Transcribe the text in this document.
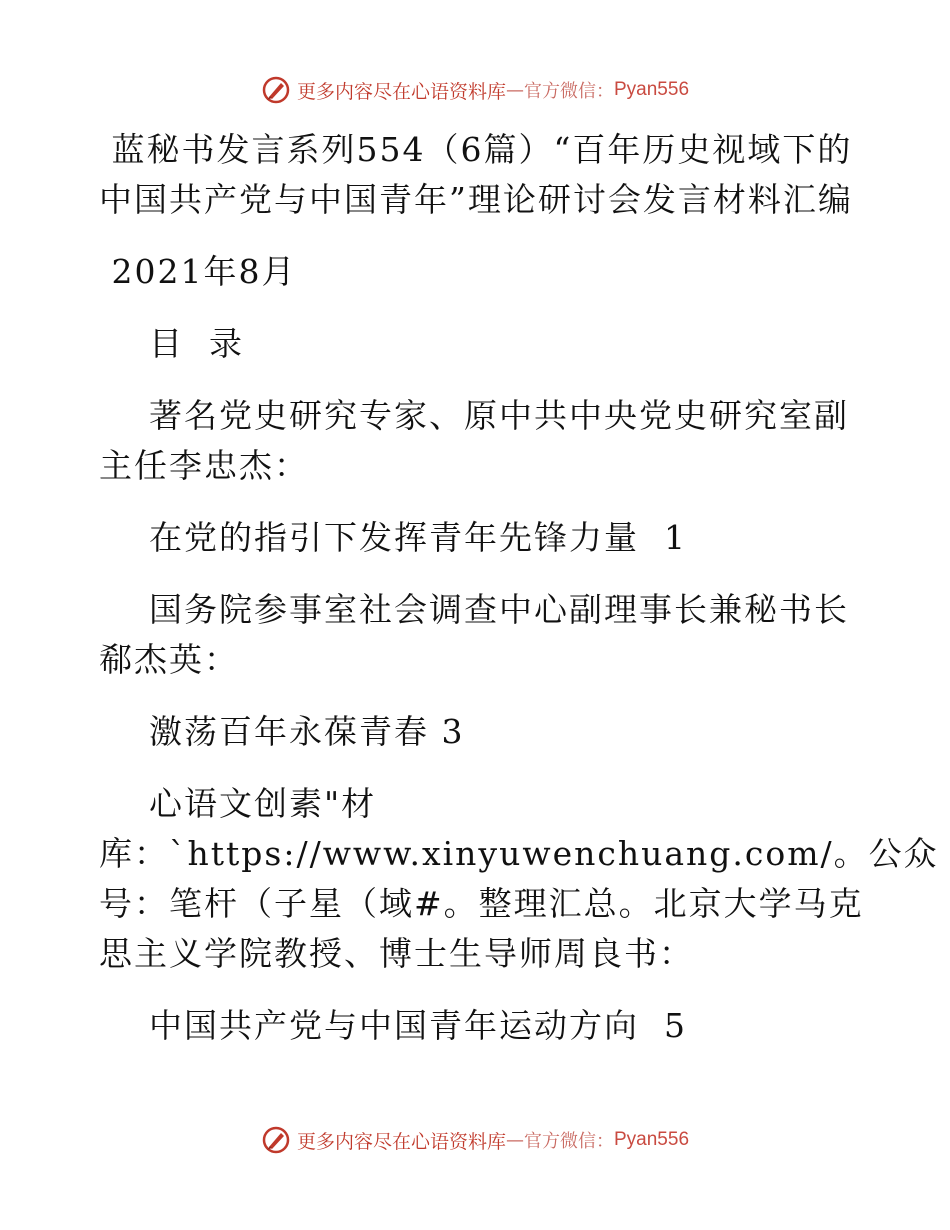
更多内容尽在心语资料库 — 官方微信： Pyan556
蓝秘书发言系列554（6篇）“百年历史视域下的
中国共产党与中国青年”理论研讨会发言材料汇编
2021年8月
目  录
著名党史研究专家、原中共中央党史研究室副
主任李忠杰：
在党的指引下发挥青年先锋力量  1
国务院参事室社会调查中心副理事长兼秘书长
郗杰英：
激荡百年永葆青春 3
心语文创素"材
库：`https://www.xinyuwenchuang.com/。公众
号：笔杆（子星（域#。整理汇总。北京大学马克
思主义学院教授、博士生导师周良书：
中国共产党与中国青年运动方向  5
更多内容尽在心语资料库 — 官方微信： Pyan556
